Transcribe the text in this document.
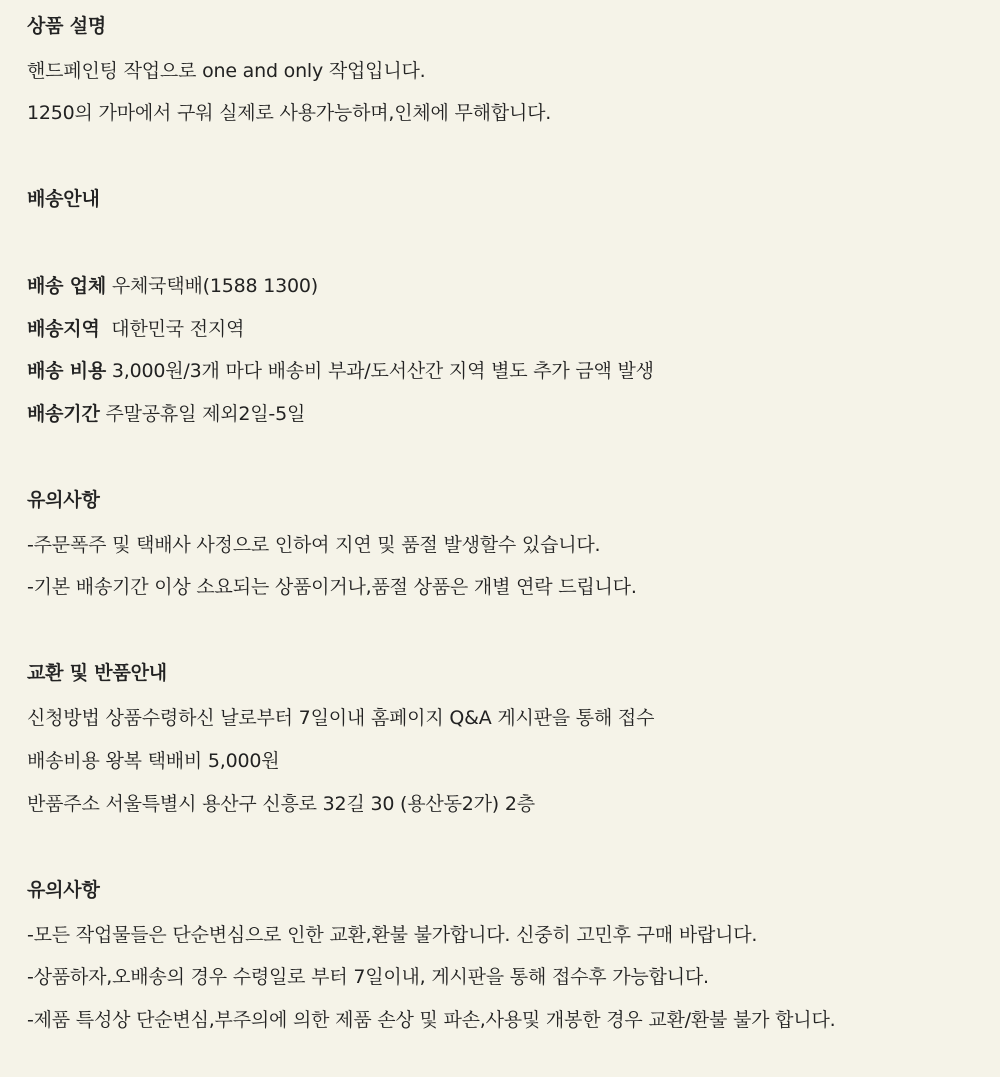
상품 설명
핸드페인팅 작업으로 one and only 작업입니다.
1250의 가마에서 구워 실제로 사용가능하며,인체에 무해합니다.
배송안내
배송 업체 우체국택배(1588 1300)
배송지역  대한민국 전지역
배송 비용 3,000원/3개 마다 배송비 부과/도서산간 지역 별도 추가 금액 발생
배송기간 주말공휴일 제외2일-5일
유의사항
-주문폭주 및 택배사 사정으로 인하여 지연 및 품절 발생할수 있습니다.
-기본 배송기간 이상 소요되는 상품이거나,품절 상품은 개별 연락 드립니다.
교환 및 반품안내
신청방법 상품수령하신 날로부터 7일이내 홈페이지 Q&A 게시판을 통해 접수
배송비용 왕복 택배비 5,000원
반품주소 서울특별시 용산구 신흥로 32길 30 (용산동2가) 2층
유의사항
-모든 작업물들은 단순변심으로 인한 교환,환불 불가합니다. 신중히 고민후 구매 바랍니다.
-상품하자,오배송의 경우 수령일로 부터 7일이내, 게시판을 통해 접수후 가능합니다.
-제품 특성상 단순변심,부주의에 의한 제품 손상 및 파손,사용및 개봉한 경우 교환/환불 불가 합니다.
